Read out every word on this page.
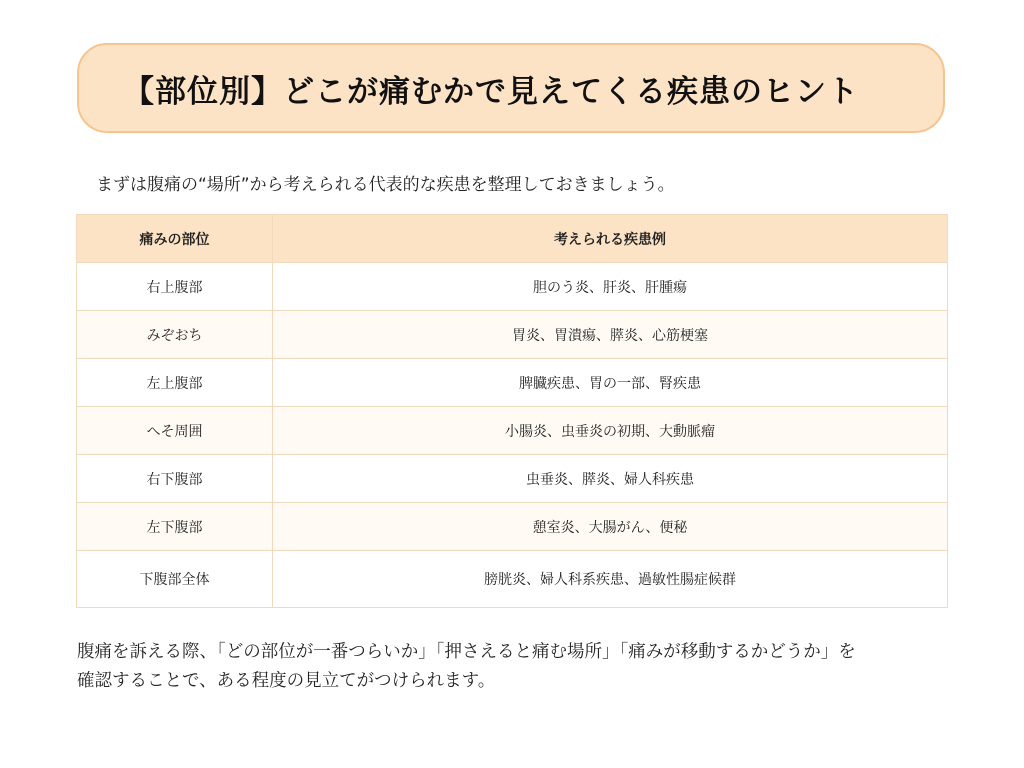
【部位別】どこが痛むかで見えてくる疾患のヒント
まずは腹痛の“場所”から考えられる代表的な疾患を整理しておきましょう。
痛みの部位	考えられる疾患例
右上腹部	胆のう炎、肝炎、肝腫瘍
みぞおち	胃炎、胃潰瘍、膵炎、心筋梗塞
左上腹部	脾臓疾患、胃の一部、腎疾患
へそ周囲	小腸炎、虫垂炎の初期、大動脈瘤
右下腹部	虫垂炎、膵炎、婦人科疾患
左下腹部	憩室炎、大腸がん、便秘
下腹部全体	膀胱炎、婦人科系疾患、過敏性腸症候群
腹痛を訴える際、「どの部位が一番つらいか」「押さえると痛む場所」「痛みが移動するかどうか」を
確認することで、ある程度の見立てがつけられます。
